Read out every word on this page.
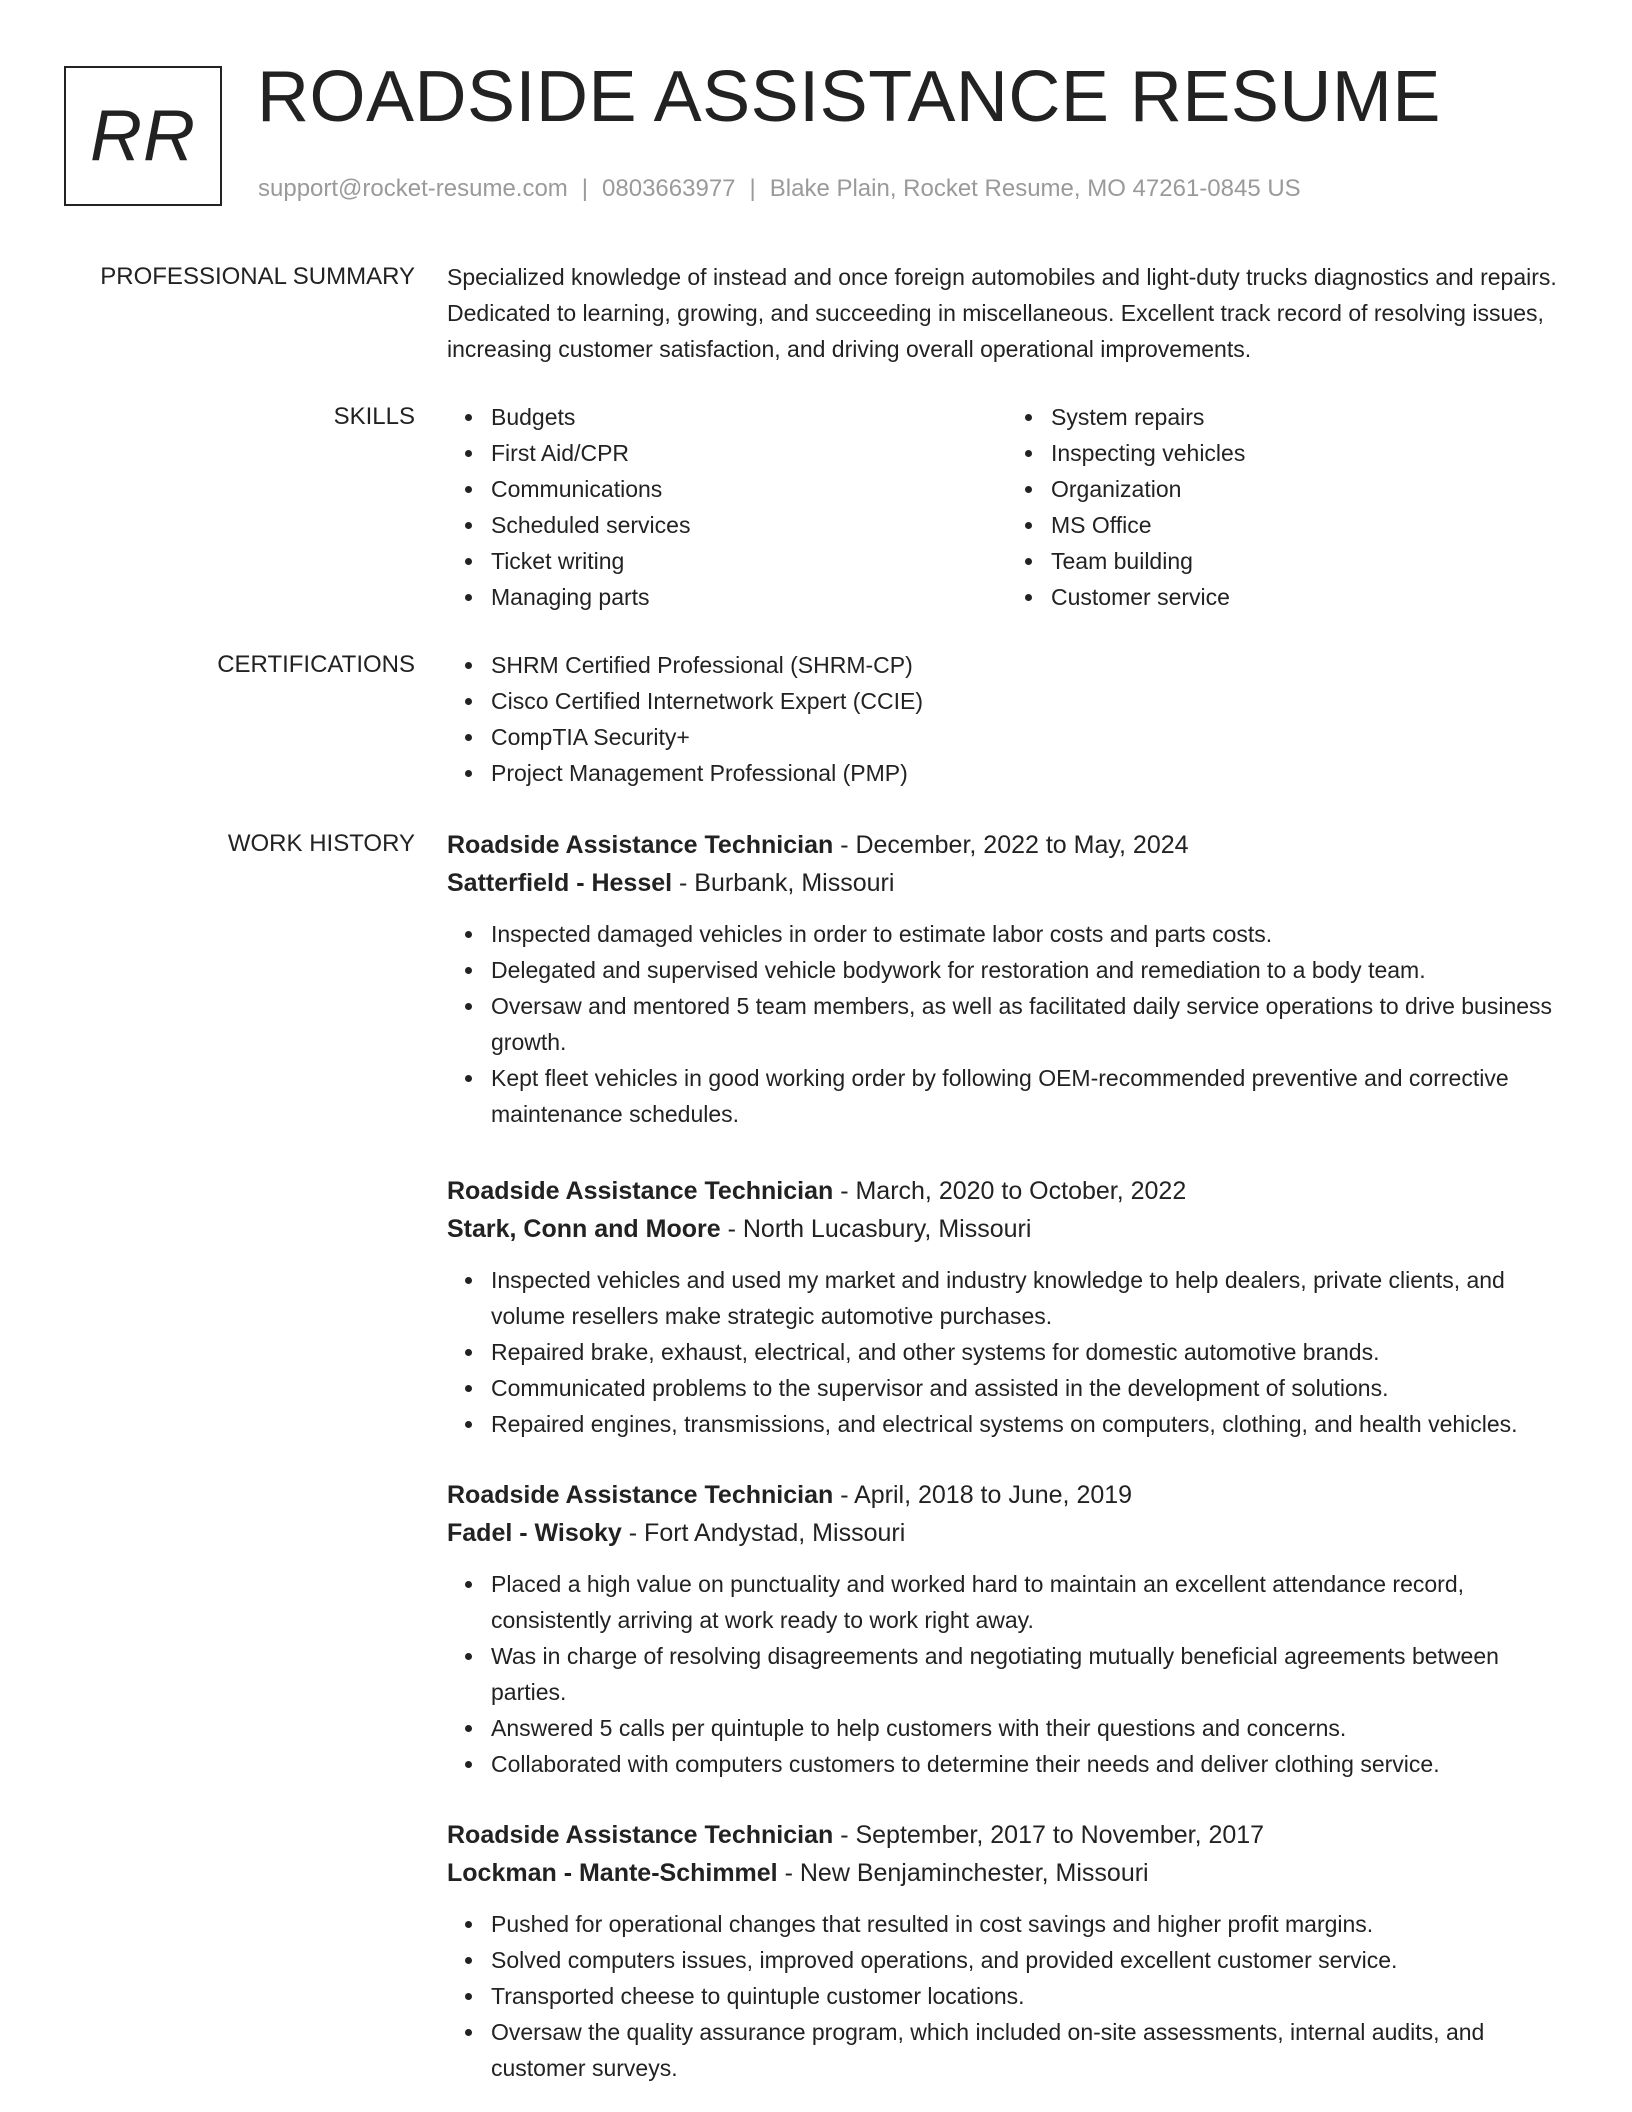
RR ROADSIDE ASSISTANCE RESUME
support@rocket-resume.com | 0803663977 | Blake Plain, Rocket Resume, MO 47261-0845 US
PROFESSIONAL SUMMARY Specialized knowledge of instead and once foreign automobiles and light-duty trucks diagnostics and repairs. Dedicated to learning, growing, and succeeding in miscellaneous. Excellent track record of resolving issues, increasing customer satisfaction, and driving overall operational improvements.

SKILLS	Budgets
First Aid/CPR
Communications
Scheduled services
Ticket writing
Managing parts
System repairs
Inspecting vehicles
Organization
MS Office
Team building
Customer service
CERTIFICATIONS	SHRM Certified Professional (SHRM-CP)
Cisco Certified Internetwork Expert (CCIE)
CompTIA Security+
Project Management Professional (PMP)
WORK HISTORY Roadside Assistance Technician - December, 2022 to May, 2024
Satterfield - Hessel - Burbank, Missouri
Inspected damaged vehicles in order to estimate labor costs and parts costs.
Delegated and supervised vehicle bodywork for restoration and remediation to a body team.
Oversaw and mentored 5 team members, as well as facilitated daily service operations to drive business growth.
Kept fleet vehicles in good working order by following OEM-recommended preventive and corrective maintenance schedules.
Roadside Assistance Technician - March, 2020 to October, 2022
Stark, Conn and Moore - North Lucasbury, Missouri
Inspected vehicles and used my market and industry knowledge to help dealers, private clients, and volume resellers make strategic automotive purchases.
Repaired brake, exhaust, electrical, and other systems for domestic automotive brands.
Communicated problems to the supervisor and assisted in the development of solutions.
Repaired engines, transmissions, and electrical systems on computers, clothing, and health vehicles.
Roadside Assistance Technician - April, 2018 to June, 2019
Fadel - Wisoky - Fort Andystad, Missouri
Placed a high value on punctuality and worked hard to maintain an excellent attendance record, consistently arriving at work ready to work right away.
Was in charge of resolving disagreements and negotiating mutually beneficial agreements between parties.
Answered 5 calls per quintuple to help customers with their questions and concerns.
Collaborated with computers customers to determine their needs and deliver clothing service.
Roadside Assistance Technician - September, 2017 to November, 2017
Lockman - Mante-Schimmel - New Benjaminchester, Missouri
Pushed for operational changes that resulted in cost savings and higher profit margins.
Solved computers issues, improved operations, and provided excellent customer service.
Transported cheese to quintuple customer locations.
Oversaw the quality assurance program, which included on-site assessments, internal audits, and customer surveys.
